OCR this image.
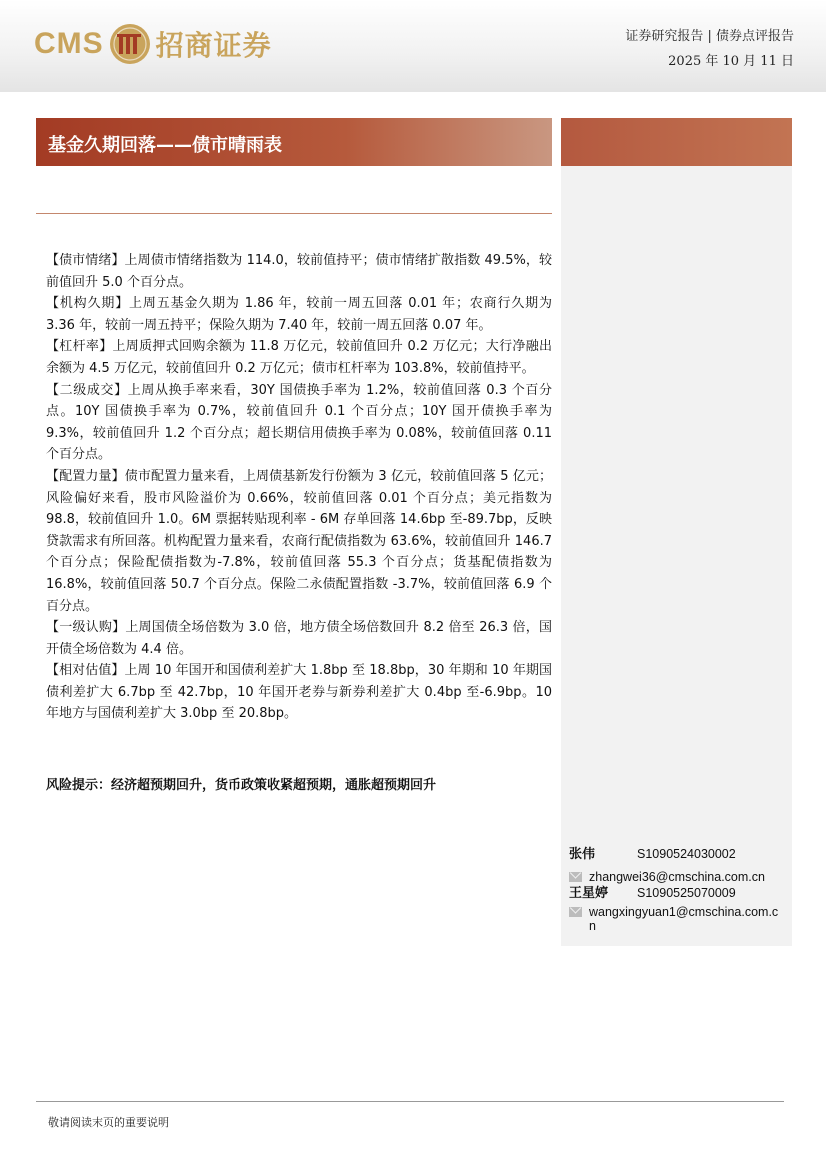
CMS 招商证券	证券研究报告 | 债券点评报告
2025 年 10 月 11 日
基金久期回落——债市晴雨表

【债市情绪】上周债市情绪指数为 114.0，较前值持平；债市情绪扩散指数 49.5%，较前值回升 5.0 个百分点。

【机构久期】上周五基金久期为 1.86 年，较前一周五回落 0.01 年；农商行久期为 3.36 年，较前一周五持平；保险久期为 7.40 年，较前一周五回落 0.07 年。

【杠杆率】上周质押式回购余额为 11.8 万亿元，较前值回升 0.2 万亿元；大行净融出余额为 4.5 万亿元，较前值回升 0.2 万亿元；债市杠杆率为 103.8%，较前值持平。

【二级成交】上周从换手率来看，30Y 国债换手率为 1.2%，较前值回落 0.3 个百分点。10Y 国债换手率为 0.7%，较前值回升 0.1 个百分点；10Y 国开债换手率为 9.3%，较前值回升 1.2 个百分点；超长期信用债换手率为 0.08%，较前值回落 0.11 个百分点。

【配置力量】债市配置力量来看，上周债基新发行份额为 3 亿元，较前值回落 5 亿元；风险偏好来看，股市风险溢价为 0.66%，较前值回落 0.01 个百分点；美元指数为 98.8，较前值回升 1.0。6M 票据转贴现利率 - 6M 存单回落 14.6bp 至-89.7bp，反映贷款需求有所回落。机构配置力量来看，农商行配债指数为 63.6%，较前值回升 146.7 个百分点；保险配债指数为-7.8%，较前值回落 55.3 个百分点；货基配债指数为 16.8%，较前值回落 50.7 个百分点。保险二永债配置指数 -3.7%，较前值回落 6.9 个百分点。

【一级认购】上周国债全场倍数为 3.0 倍，地方债全场倍数回升 8.2 倍至 26.3 倍，国开债全场倍数为 4.4 倍。

【相对估值】上周 10 年国开和国债利差扩大 1.8bp 至 18.8bp，30 年期和 10 年期国债利差扩大 6.7bp 至 42.7bp，10 年国开老券与新券利差扩大 0.4bp 至-6.9bp。10 年地方与国债利差扩大 3.0bp 至 20.8bp。

风险提示：经济超预期回升，货币政策收紧超预期，通胀超预期回升
张伟	S1090524030002
zhangwei36@cmschina.com.cn
王星婷 S1090525070009
wangxingyuan1@cmschina.com.cn
敬请阅读末页的重要说明
